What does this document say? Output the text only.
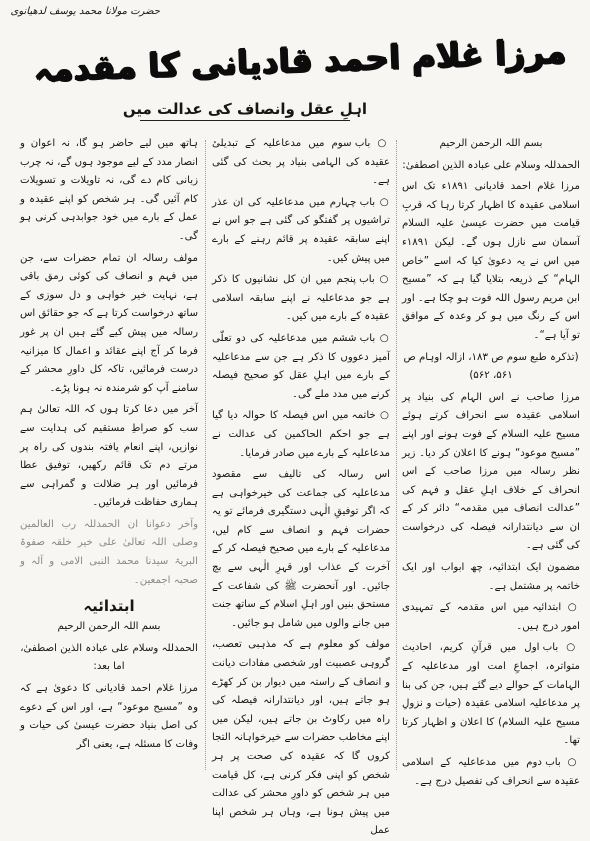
حضرت مولانا محمد یوسف لدھیانوی
مرزا غلام احمد قادیانی کا مقدمہ
اہلِ عقل وانصاف کی عدالت میں

بسم اللہ الرحمن الرحیم

الحمدللہ وسلام علی عبادہ الذین اصطفیٰ:

مرزا غلام احمد قادیانی ۱۸۹۱ء تک اس اسلامی عقیدہ کا اظہار کرتا رہا کہ قربِ قیامت میں حضرت عیسیٰ علیہ السلام آسمان سے نازل ہوں گے۔ لیکن ۱۸۹۱ء میں اس نے یہ دعویٰ کیا کہ اسے ”خاص الہام“ کے ذریعہ بتلایا گیا ہے کہ ”مسیح ابن مریم رسول اللہ فوت ہو چکا ہے۔ اور اس کے رنگ میں ہو کر وعدہ کے موافق تو آیا ہے“۔

(تذکرہ طبع سوم ص ۱۸۳، ازالہ اوہام ص ۵۶۱، ۵۶۲)

مرزا صاحب نے اس الہام کی بنیاد پر اسلامی عقیدہ سے انحراف کرتے ہوئے مسیح علیہ السلام کے فوت ہونے اور اپنے ”مسیح موعود“ ہونے کا اعلان کر دیا۔ زیر نظر رسالہ میں مرزا صاحب کے اس انحراف کے خلاف اہلِ عقل و فہم کی ”عدالت انصاف میں مقدمہ“ دائر کر کے ان سے دیانتدارانہ فیصلہ کی درخواست کی گئی ہے۔

مضمون ایک ابتدائیہ، چھ ابواب اور ایک خاتمہ پر مشتمل ہے۔

○ ابتدائیہ میں اس مقدمہ کے تمہیدی امور درج ہیں۔

○ باب اول میں قرآنِ کریم، احادیث متواترہ، اجماعِ امت اور مدعاعلیہ کے الہامات کے حوالے دیے گئے ہیں، جن کی بنا پر مدعاعلیہ اسلامی عقیدہ (حیات و نزولِ مسیح علیہ السلام) کا اعلان و اظہار کرتا تھا۔

○ باب دوم میں مدعاعلیہ کے اسلامی عقیدہ سے انحراف کی تفصیل درج ہے۔

○ باب سوم میں مدعاعلیہ کے تبدیلیٔ عقیدہ کی الہامی بنیاد پر بحث کی گئی ہے۔

○ باب چہارم میں مدعاعلیہ کی ان عذر تراشیوں پر گفتگو کی گئی ہے جو اس نے اپنے سابقہ عقیدہ پر قائم رہنے کے بارے میں پیش کیں۔

○ باب پنجم میں ان کل نشانیوں کا ذکر ہے جو مدعاعلیہ نے اپنے سابقہ اسلامی عقیدہ کے بارے میں کیں۔

○ باب ششم میں مدعاعلیہ کی دو تعلّی آمیز دعووں کا ذکر ہے جن سے مدعاعلیہ کے بارے میں اہلِ عقل کو صحیح فیصلہ کرنے میں مدد ملے گی۔

○ خاتمہ میں اس فیصلہ کا حوالہ دیا گیا ہے جو احکم الحاکمین کی عدالت نے مدعاعلیہ کے بارے میں صادر فرمایا۔

اس رسالہ کی تالیف سے مقصود مدعاعلیہ کی جماعت کی خیرخواہی ہے کہ اگر توفیقِ الٰہی دستگیری فرمائے تو یہ حضرات فہم و انصاف سے کام لیں، مدعاعلیہ کے بارے میں صحیح فیصلہ کر کے آخرت کے عذاب اور قہرِ الٰہی سے بچ جائیں۔ اور آنحضرت ﷺ کی شفاعت کے مستحق بنیں اور اہلِ اسلام کے ساتھ جنت میں جانے والوں میں شامل ہو جائیں۔

مولف کو معلوم ہے کہ مذہبی تعصب، گروہی عصبیت اور شخصی مفادات دیانت و انصاف کے راستہ میں دیوار بن کر کھڑے ہو جاتے ہیں، اور دیانتدارانہ فیصلہ کی راہ میں رکاوٹ بن جاتے ہیں، لیکن میں اپنے مخاطب حضرات سے خیرخواہانہ التجا کروں گا کہ عقیدہ کی صحت پر ہر شخص کو اپنی فکر کرنی ہے، کل قیامت میں ہر شخص کو داورِ محشر کی عدالت میں پیش ہونا ہے، وہاں ہر شخص اپنا عمل

ہاتھ میں لیے حاضر ہو گا، نہ اعوان و انصار مدد کے لیے موجود ہوں گے، نہ چرب زبانی کام دے گی، نہ تاویلات و تسویلات کام آئیں گی۔ ہر شخص کو اپنے عقیدہ و عمل کے بارے میں خود جوابدہی کرنی ہو گی۔

مولف رسالہ ان تمام حضرات سے، جن میں فہم و انصاف کی کوئی رمق باقی ہے، نہایت خیر خواہی و دل سوزی کے ساتھ درخواست کرتا ہے کہ جو حقائق اس رسالہ میں پیش کیے گئے ہیں ان پر غور فرما کر آج اپنے عقائد و اعمال کا میزانیہ درست فرمائیں، تاکہ کل داورِ محشر کے سامنے آپ کو شرمندہ نہ ہونا پڑے۔

آخر میں دعا کرتا ہوں کہ اللہ تعالیٰ ہم سب کو صراطِ مستقیم کی ہدایت سے نوازیں، اپنے انعام یافتہ بندوں کی راہ پر مرتے دم تک قائم رکھیں، توفیق عطا فرمائیں اور ہر ضلالت و گمراہی سے ہماری حفاظت فرمائیں۔

وآخر دعوانا ان الحمدللہ رب العالمین وصلی اللہ تعالیٰ علی خیر خلقہ صفوۃ البریۃ سیدنا محمد النبی الامی و آلہ و صحبہ اجمعین۔

ابتدائیہ

بسم اللہ الرحمن الرحیم

الحمدللہ وسلام علی عبادہ الذین اصطفیٰ، اما بعد:

مرزا غلام احمد قادیانی کا دعویٰ ہے کہ وہ ”مسیح موعود“ ہے، اور اس کے دعوے کی اصل بنیاد حضرت عیسیٰ کی حیات و وفات کا مسئلہ ہے، یعنی اگر
